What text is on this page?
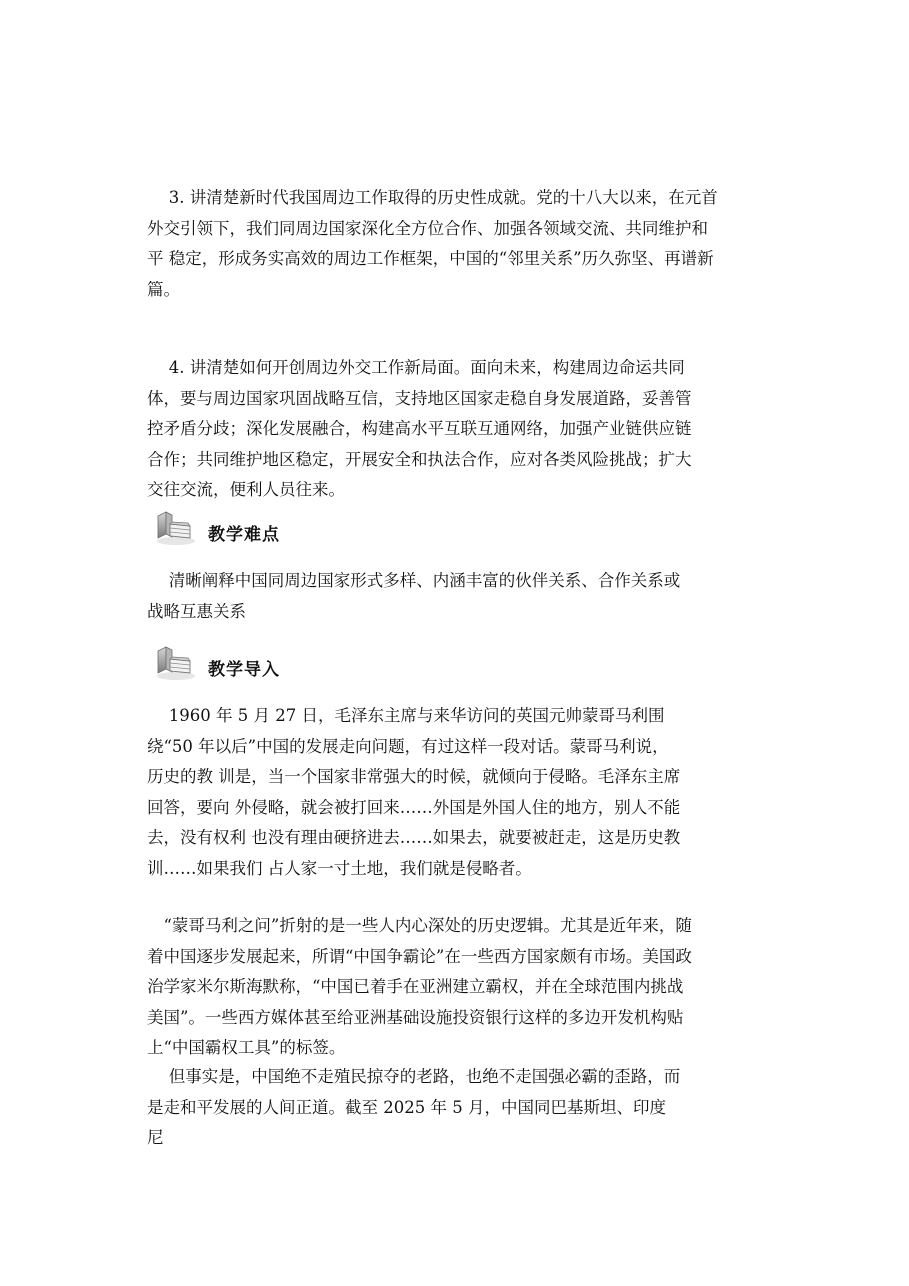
　 3. 讲清楚新时代我国周边工作取得的历史性成就。党的十八大以来，在元首
外交引领下，我们同周边国家深化全方位合作、加强各领域交流、共同维护和
平 稳定，形成务实高效的周边工作框架，中国的“邻里关系”历久弥坚、再谱新
篇。
　 4. 讲清楚如何开创周边外交工作新局面。面向未来，构建周边命运共同
体，要与周边国家巩固战略互信，支持地区国家走稳自身发展道路，妥善管
控矛盾分歧；深化发展融合，构建高水平互联互通网络，加强产业链供应链
合作；共同维护地区稳定，开展安全和执法合作，应对各类风险挑战；扩大
交往交流，便利人员往来。
教学难点
　 清晰阐释中国同周边国家形式多样、内涵丰富的伙伴关系、合作关系或
战略互惠关系
教学导入
　 1960 年 5 月 27 日，毛泽东主席与来华访问的英国元帅蒙哥马利围
绕“50 年以后”中国的发展走向问题，有过这样一段对话。蒙哥马利说，
历史的教 训是，当一个国家非常强大的时候，就倾向于侵略。毛泽东主席
回答，要向 外侵略，就会被打回来……外国是外国人住的地方，别人不能
去，没有权利 也没有理由硬挤进去……如果去，就要被赶走，这是历史教
训……如果我们 占人家一寸土地，我们就是侵略者。
　“蒙哥马利之问”折射的是一些人内心深处的历史逻辑。尤其是近年来，随
着中国逐步发展起来，所谓“中国争霸论”在一些西方国家颇有市场。美国政
治学家米尔斯海默称，“中国已着手在亚洲建立霸权，并在全球范围内挑战
美国”。一些西方媒体甚至给亚洲基础设施投资银行这样的多边开发机构贴
上“中国霸权工具”的标签。
　 但事实是，中国绝不走殖民掠夺的老路，也绝不走国强必霸的歪路，而
是走和平发展的人间正道。截至 2025 年 5 月，中国同巴基斯坦、印度
尼
